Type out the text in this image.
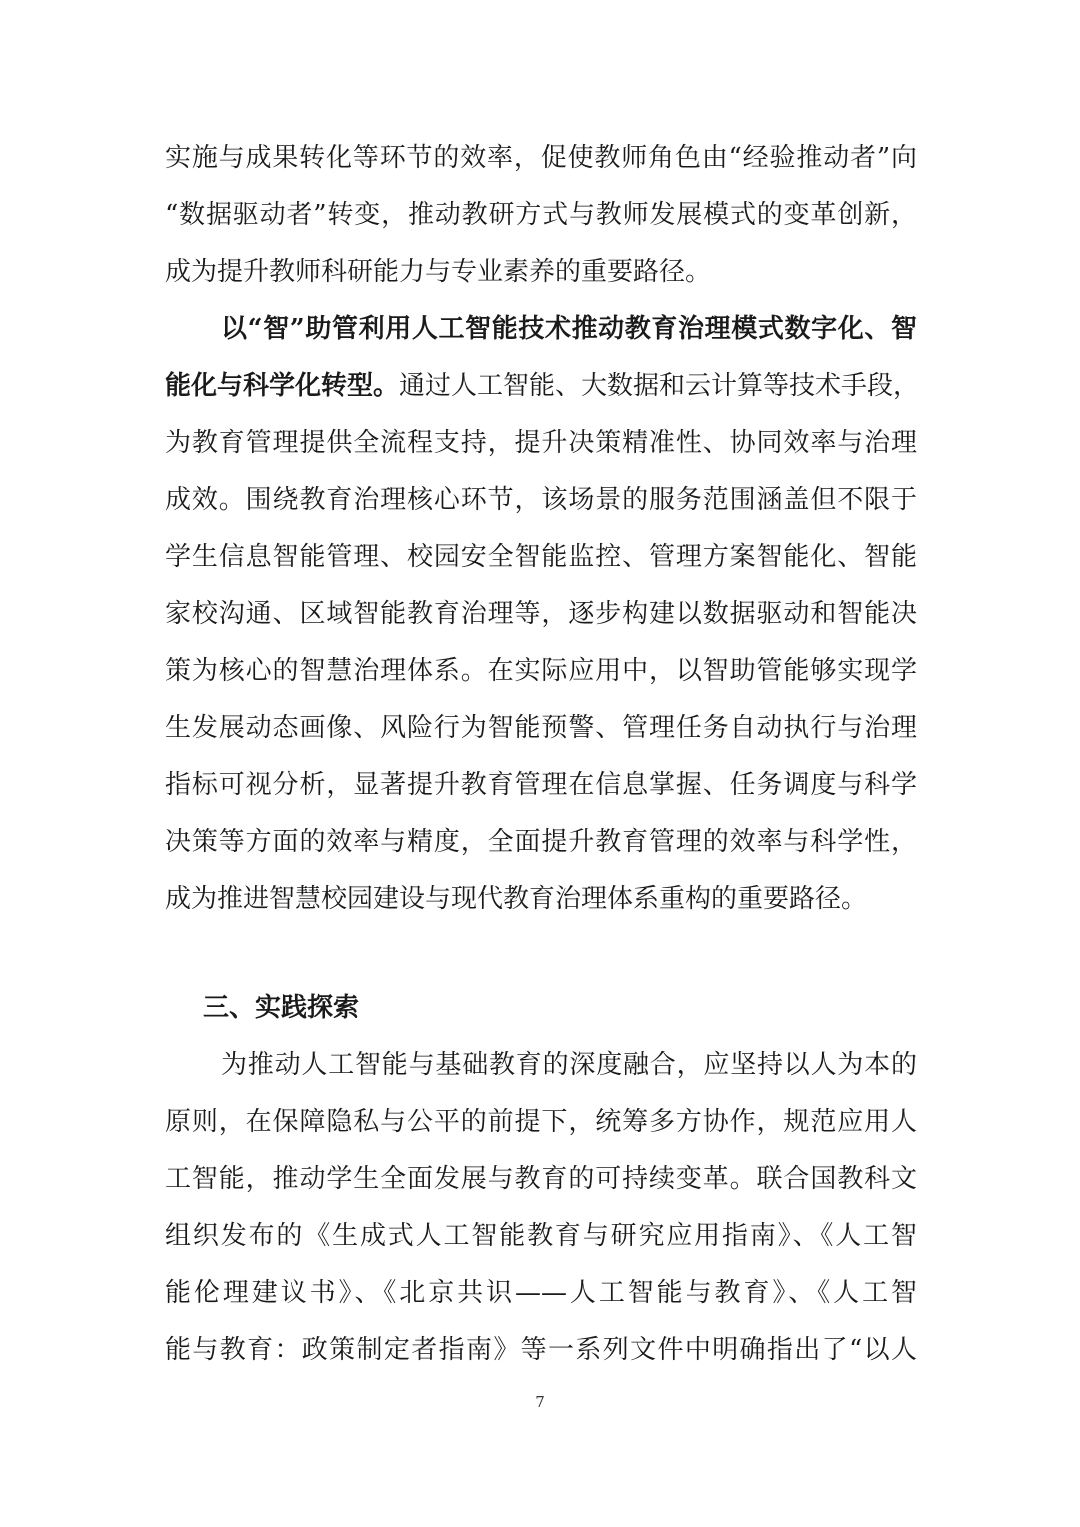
实施与成果转化等环节的效率，促使教师角色由“经验推动者”向
“数据驱动者”转变，推动教研方式与教师发展模式的变革创新，
成为提升教师科研能力与专业素养的重要路径。
以“智”助管利用人工智能技术推动教育治理模式数字化、智
能化与科学化转型。通过人工智能、大数据和云计算等技术手段，
为教育管理提供全流程支持，提升决策精准性、协同效率与治理
成效。围绕教育治理核心环节，该场景的服务范围涵盖但不限于
学生信息智能管理、校园安全智能监控、管理方案智能化、智能
家校沟通、区域智能教育治理等，逐步构建以数据驱动和智能决
策为核心的智慧治理体系。在实际应用中，以智助管能够实现学
生发展动态画像、风险行为智能预警、管理任务自动执行与治理
指标可视分析，显著提升教育管理在信息掌握、任务调度与科学
决策等方面的效率与精度，全面提升教育管理的效率与科学性，
成为推进智慧校园建设与现代教育治理体系重构的重要路径。
三、实践探索
为推动人工智能与基础教育的深度融合，应坚持以人为本的
原则，在保障隐私与公平的前提下，统筹多方协作，规范应用人
工智能，推动学生全面发展与教育的可持续变革。联合国教科文
组织发布的《生成式人工智能教育与研究应用指南》、《人工智
能伦理建议书》、《北京共识——人工智能与教育》、《人工智
能与教育：政策制定者指南》等一系列文件中明确指出了“以人
7
